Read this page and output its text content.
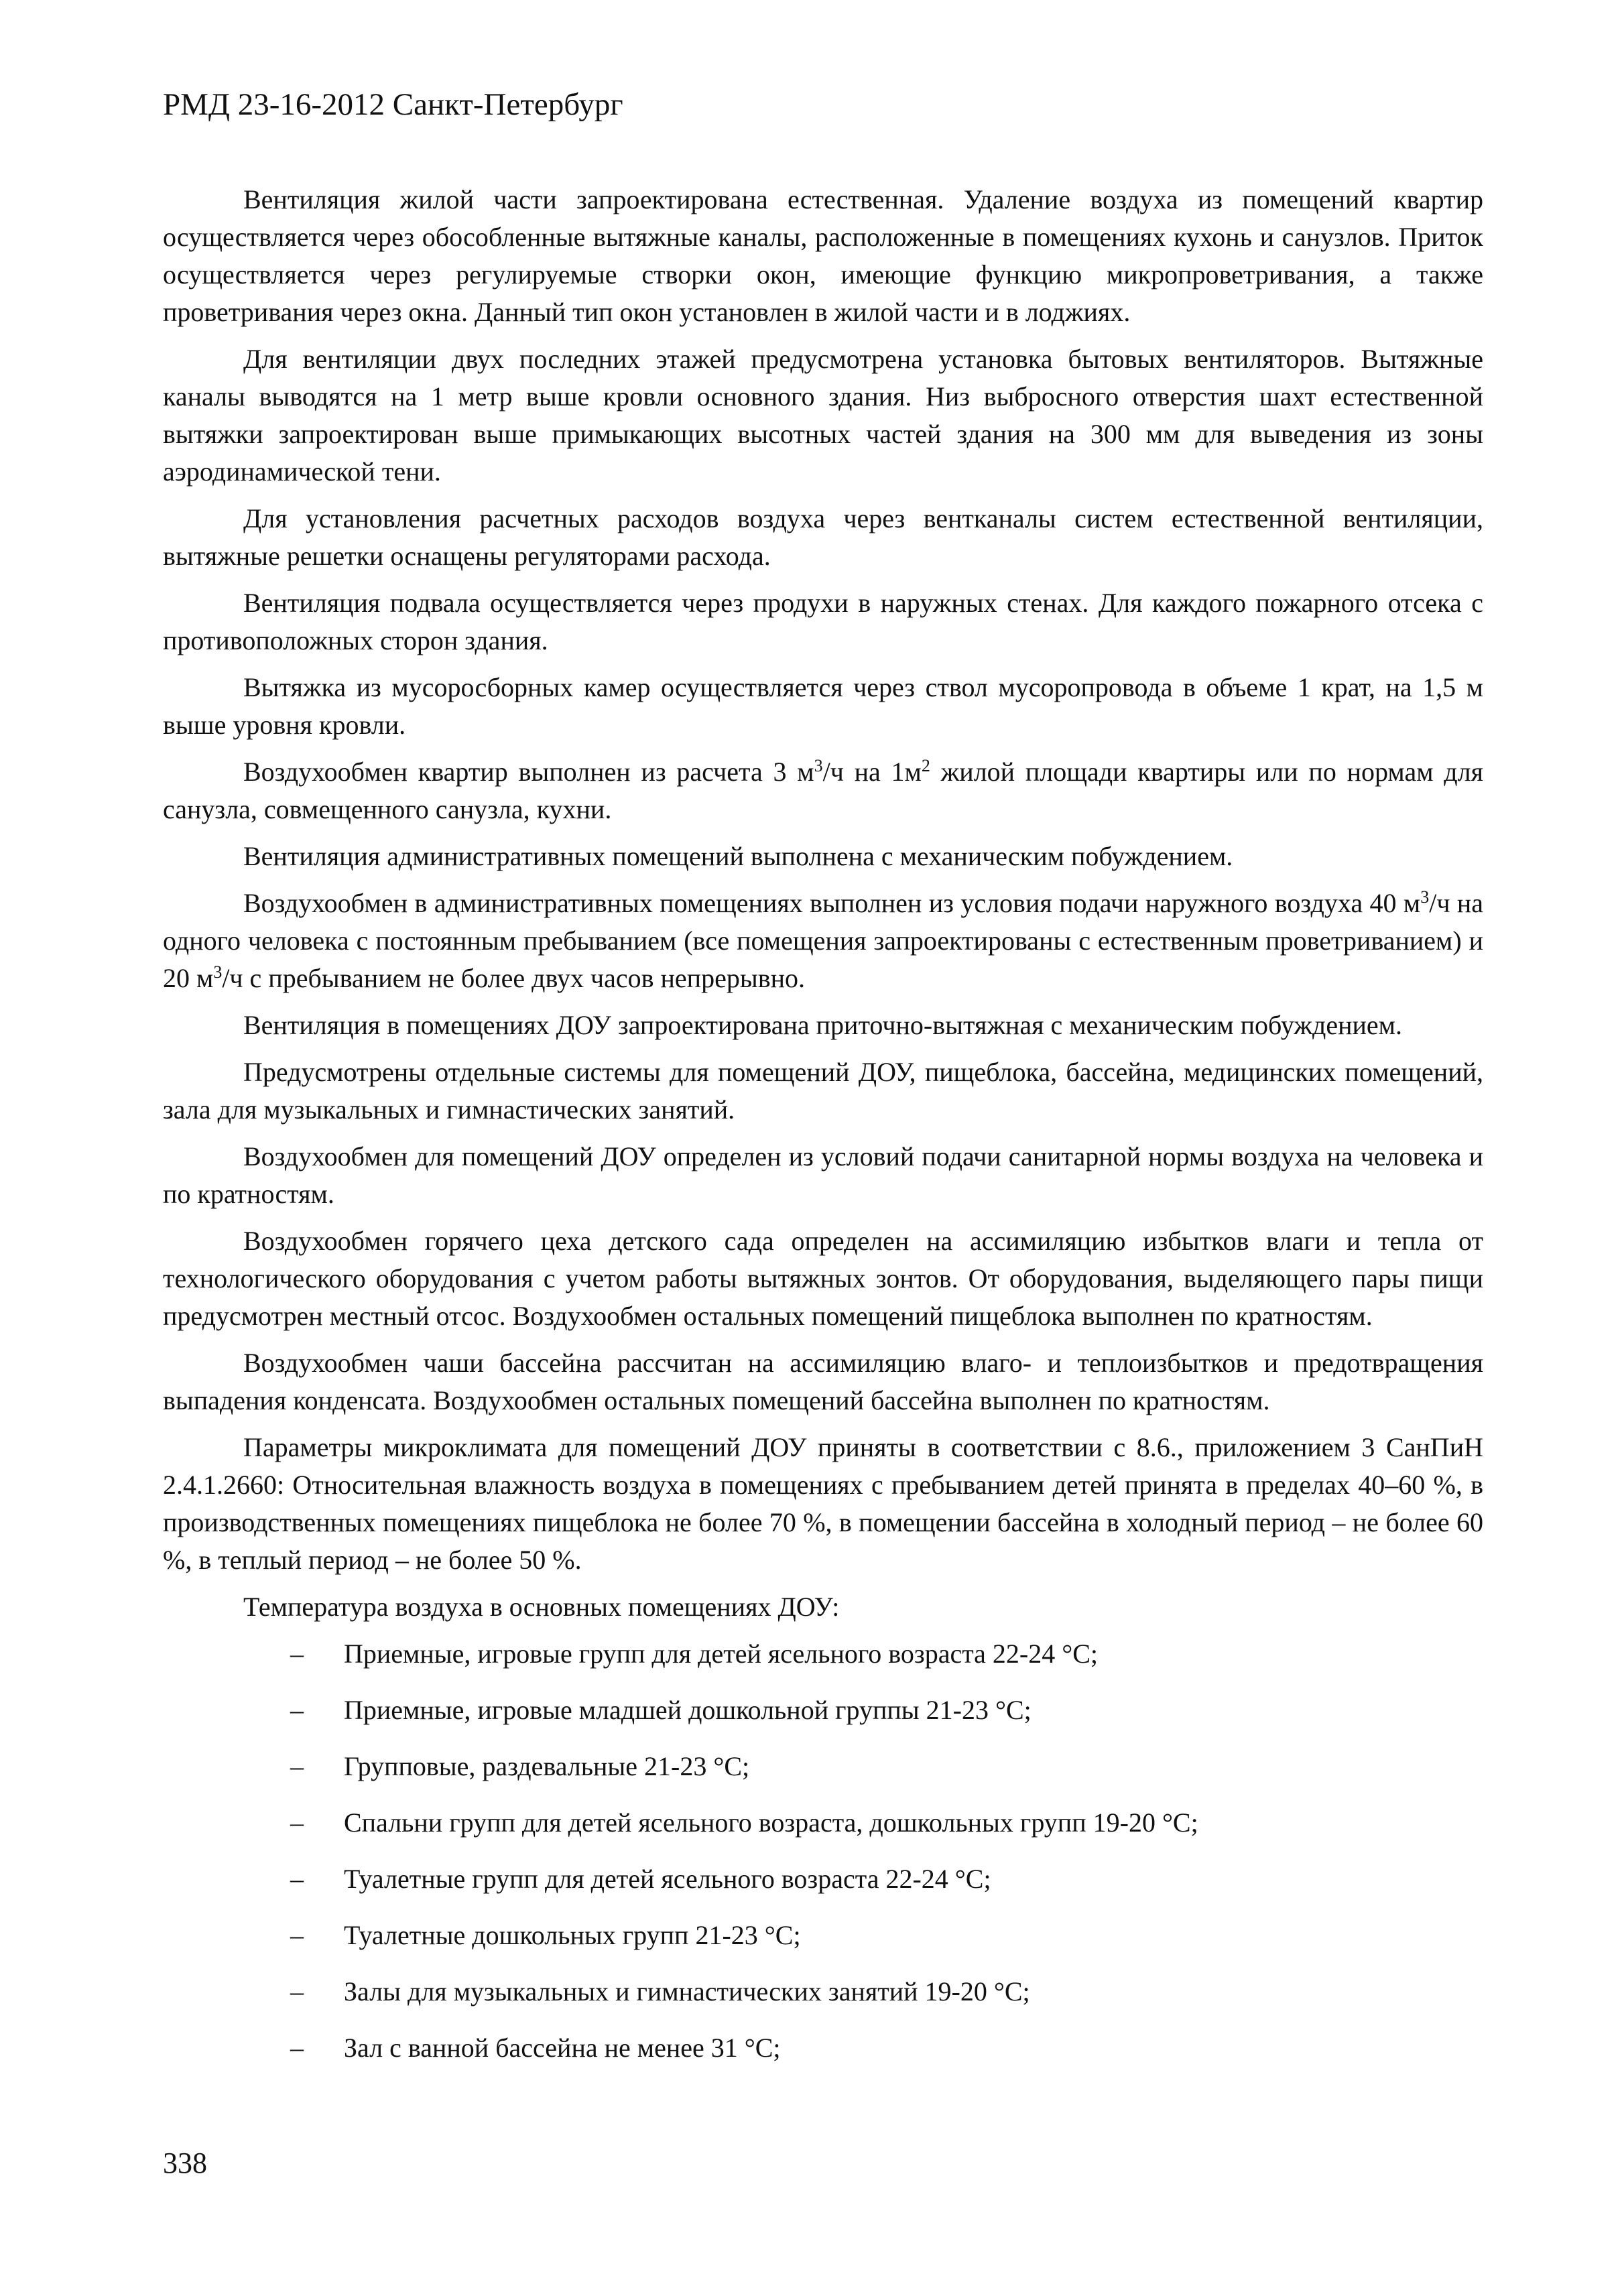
РМД 23-16-2012 Санкт-Петербург

Вентиляция жилой части запроектирована естественная. Удаление воздуха из помещений квартир осуществляется через обособленные вытяжные каналы, расположенные в помещениях кухонь и санузлов. Приток осуществляется через регулируемые створки окон, имеющие функцию микропроветривания, а также проветривания через окна. Данный тип окон установлен в жилой части и в лоджиях.

Для вентиляции двух последних этажей предусмотрена установка бытовых вентиляторов. Вытяжные каналы выводятся на 1 метр выше кровли основного здания. Низ выбросного отверстия шахт естественной вытяжки запроектирован выше примыкающих высотных частей здания на 300 мм для выведения из зоны аэродинамической тени.

Для установления расчетных расходов воздуха через вентканалы систем естественной вентиляции, вытяжные решетки оснащены регуляторами расхода.

Вентиляция подвала осуществляется через продухи в наружных стенах. Для каждого пожарного отсека с противоположных сторон здания.

Вытяжка из мусоросборных камер осуществляется через ствол мусоропровода в объеме 1 крат, на 1,5 м выше уровня кровли.

Воздухообмен квартир выполнен из расчета 3 $м^3/ч$ на $1м^2$ жилой площади квартиры или по нормам для санузла, совмещенного санузла, кухни.

Вентиляция административных помещений выполнена с механическим побуждением.

Воздухообмен в административных помещениях выполнен из условия подачи наружного воздуха 40 $м^3/ч$ на одного человека с постоянным пребыванием (все помещения запроектированы с естественным проветриванием) и 20 $м^3/ч$ с пребыванием не более двух часов непрерывно.

Вентиляция в помещениях ДОУ запроектирована приточно-вытяжная с механическим побуждением.

Предусмотрены отдельные системы для помещений ДОУ, пищеблока, бассейна, медицинских помещений, зала для музыкальных и гимнастических занятий.

Воздухообмен для помещений ДОУ определен из условий подачи санитарной нормы воздуха на человека и по кратностям.

Воздухообмен горячего цеха детского сада определен на ассимиляцию избытков влаги и тепла от технологического оборудования с учетом работы вытяжных зонтов. От оборудования, выделяющего пары пищи предусмотрен местный отсос. Воздухообмен остальных помещений пищеблока выполнен по кратностям.

Воздухообмен чаши бассейна рассчитан на ассимиляцию влаго- и теплоизбытков и предотвращения выпадения конденсата. Воздухообмен остальных помещений бассейна выполнен по кратностям.

Параметры микроклимата для помещений ДОУ приняты в соответствии с 8.6., приложением 3 СанПиН 2.4.1.2660: Относительная влажность воздуха в помещениях с пребыванием детей принята в пределах 40–60 %, в производственных помещениях пищеблока не более 70 %, в помещении бассейна в холодный период – не более 60 %, в теплый период – не более 50 %.

Температура воздуха в основных помещениях ДОУ:

– Приемные, игровые групп для детей ясельного возраста 22-24 °С;
– Приемные, игровые младшей дошкольной группы 21-23 °С;
– Групповые, раздевальные 21-23 °С;
– Спальни групп для детей ясельного возраста, дошкольных групп 19-20 °С;
– Туалетные групп для детей ясельного возраста 22-24 °С;
– Туалетные дошкольных групп 21-23 °С;
– Залы для музыкальных и гимнастических занятий 19-20 °С;
– Зал с ванной бассейна не менее 31 °С;
338
